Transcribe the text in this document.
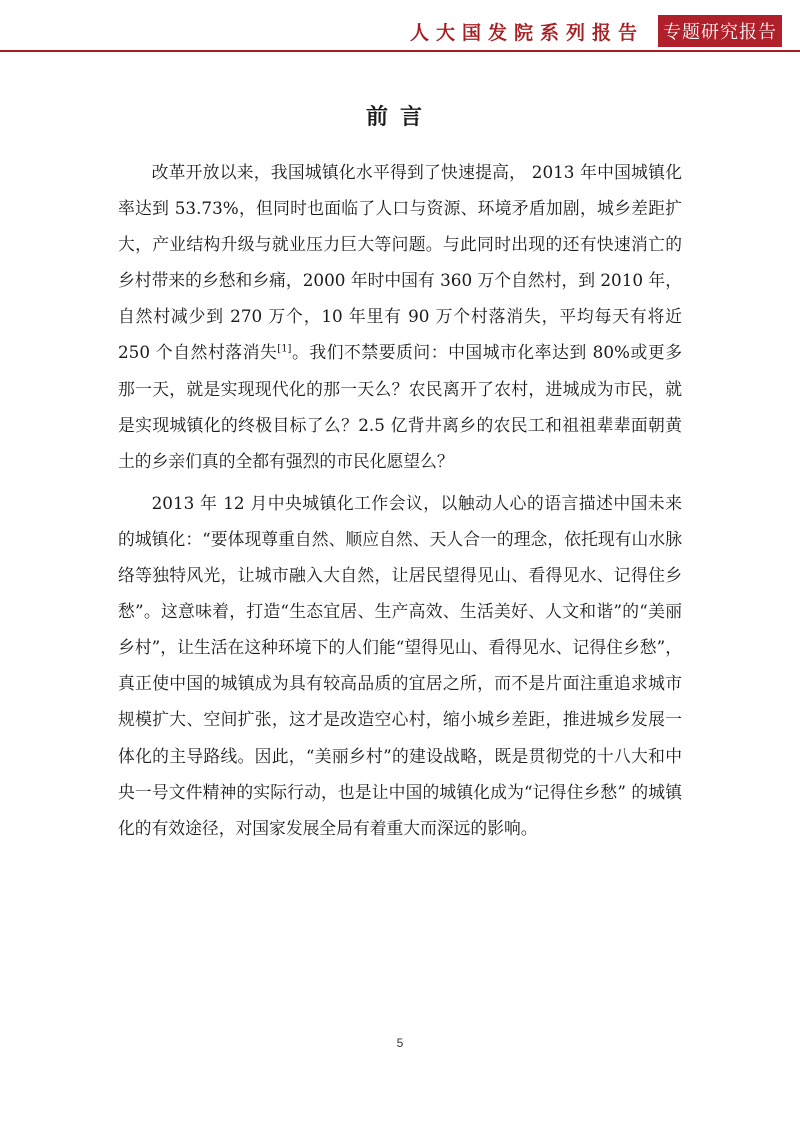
人大国发院系列报告 专题研究报告
前言

改革开放以来，我国城镇化水平得到了快速提高， 2013 年中国城镇化率达到 53.73%，但同时也面临了人口与资源、环境矛盾加剧，城乡差距扩大，产业结构升级与就业压力巨大等问题。与此同时出现的还有快速消亡的乡村带来的乡愁和乡痛，2000 年时中国有 360 万个自然村，到 2010 年，自然村减少到 270 万个，10 年里有 90 万个村落消失，平均每天有将近 250 个自然村落消失[1]。我们不禁要质问：中国城市化率达到 80%或更多那一天，就是实现现代化的那一天么？农民离开了农村，进城成为市民，就是实现城镇化的终极目标了么？2.5 亿背井离乡的农民工和祖祖辈辈面朝黄土的乡亲们真的全都有强烈的市民化愿望么？

2013 年 12 月中央城镇化工作会议，以触动人心的语言描述中国未来的城镇化：“要体现尊重自然、顺应自然、天人合一的理念，依托现有山水脉络等独特风光，让城市融入大自然，让居民望得见山、看得见水、记得住乡愁”。这意味着，打造“生态宜居、生产高效、生活美好、人文和谐”的“美丽乡村”，让生活在这种环境下的人们能“望得见山、看得见水、记得住乡愁”，真正使中国的城镇成为具有较高品质的宜居之所，而不是片面注重追求城市规模扩大、空间扩张，这才是改造空心村，缩小城乡差距，推进城乡发展一体化的主导路线。因此，“美丽乡村”的建设战略，既是贯彻党的十八大和中央一号文件精神的实际行动，也是让中国的城镇化成为“记得住乡愁” 的城镇化的有效途径，对国家发展全局有着重大而深远的影响。

5
